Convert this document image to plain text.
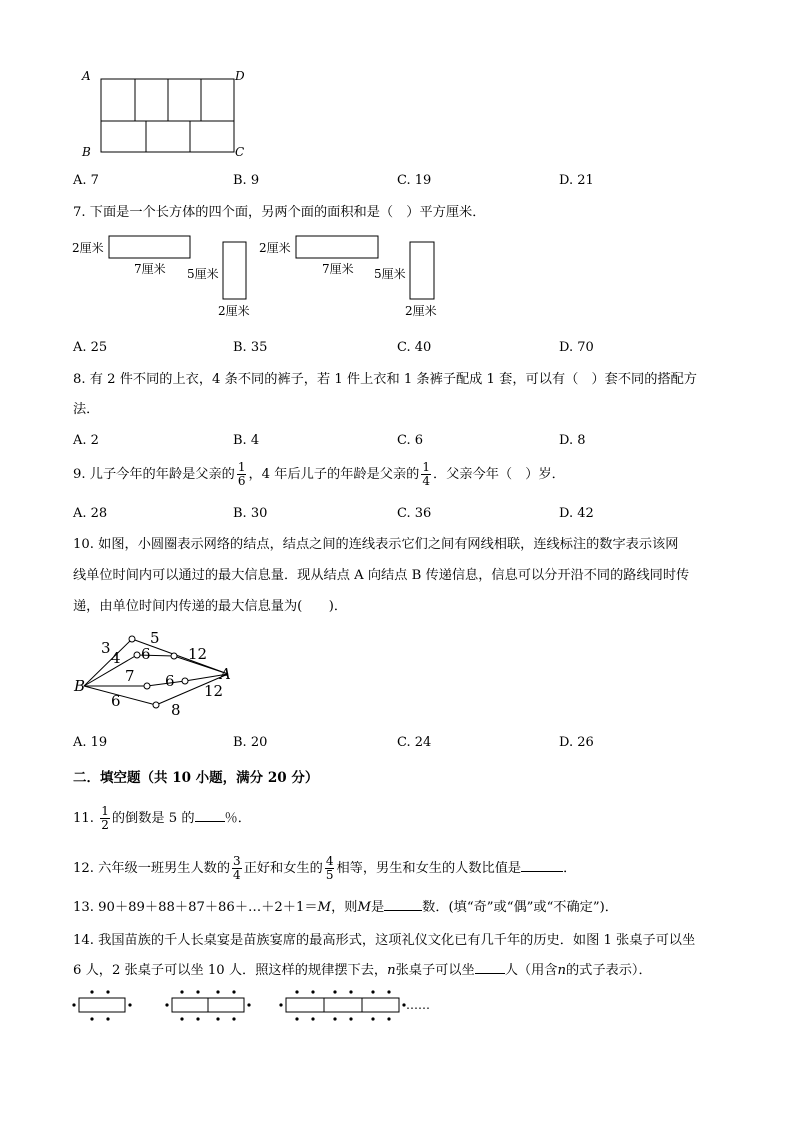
A	D
B	C
A. 7	B. 9	C. 19	D. 21
7. 下面是一个长方体的四个面，另两个面的面积和是（　）平方厘米．
2厘米
7厘米 5厘米
2厘米
2厘米
7厘米 5厘米
2厘米
A. 25	B. 35	C. 40	D. 70
8. 有 2 件不同的上衣，4 条不同的裤子，若 1 件上衣和 1 条裤子配成 1 套，可以有（　）套不同的搭配方
法．
A. 2	B. 4	C. 6	D. 8
9. 儿子今年的年龄是父亲的 $\frac{1}{6}$ ，4 年后儿子的年龄是父亲的 $\frac{1}{4}$ ．父亲今年（　）岁．
A. 28	B. 30	C. 36	D. 42
10. 如图，小圆圈表示网络的结点，结点之间的连线表示它们之间有网线相联，连线标注的数字表示该网
线单位时间内可以通过的最大信息量．现从结点 A 向结点 B 传递信息，信息可以分开沿不同的路线同时传
递，由单位时间内传递的最大信息量为(　　)．
B
A
3
5
4 6 12
7 6
12
6	8
A. 19	B. 20	C. 24	D. 26
二．填空题（共 10 小题，满分 20 分）
11. $\frac{1}{2}$ 的倒数是 5 的 ％．
12. 六年级一班男生人数的 $\frac{3}{4}$ 正好和女生的 $\frac{4}{5}$ 相等，男生和女生的人数比值是	．
13. 90＋89＋88＋87＋86＋…＋2＋1＝M，则M是	数．(填“奇”或“偶”或“不确定”)．
14. 我国苗族的千人长桌宴是苗族宴席的最高形式，这项礼仪文化已有几千年的历史．如图 1 张桌子可以坐
6 人，2 张桌子可以坐 10 人．照这样的规律摆下去，n张桌子可以坐 人（用含n的式子表示）．
……
